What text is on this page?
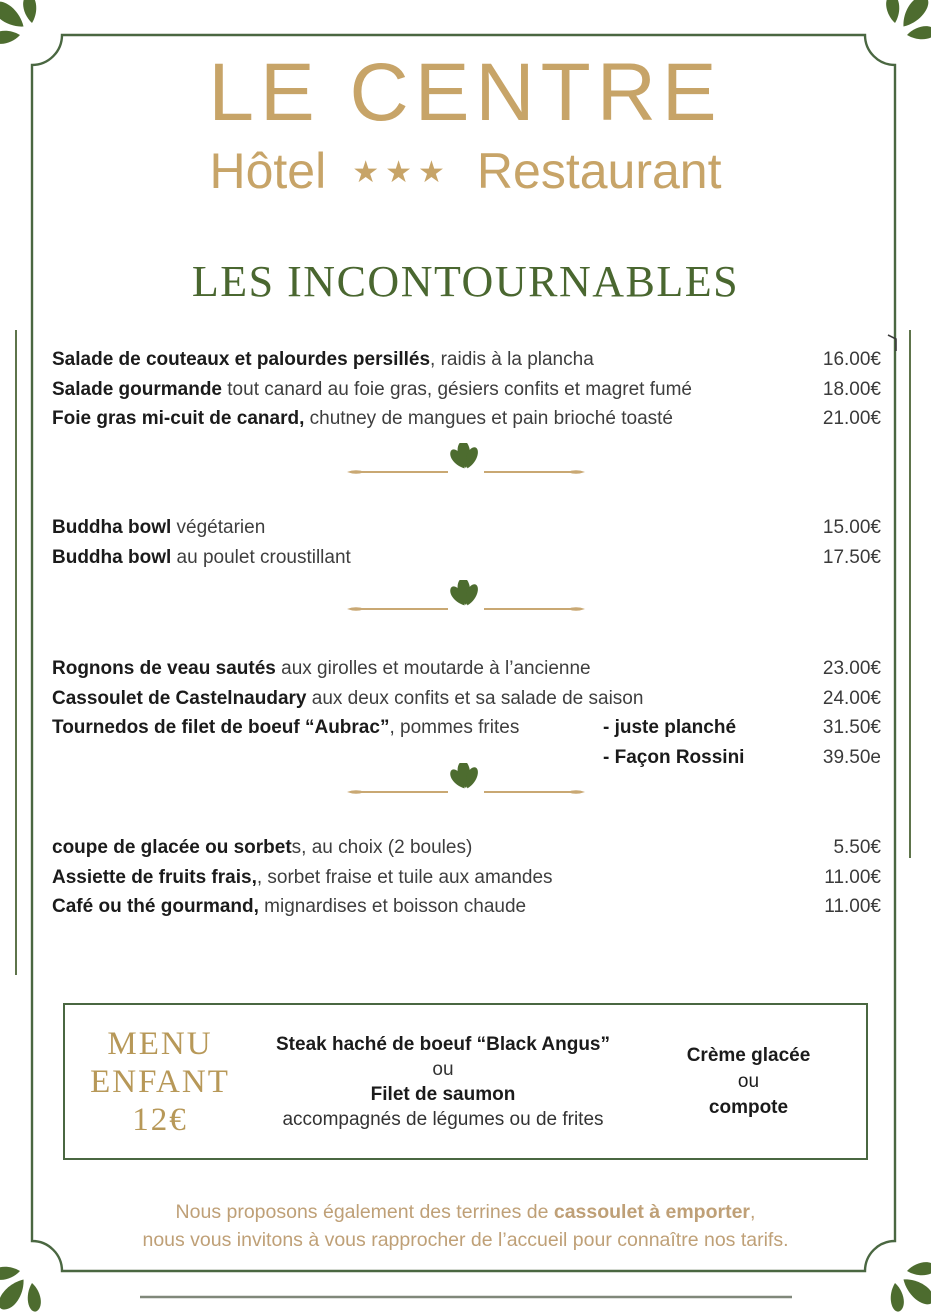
LE CENTRE
Hôtel ★★★ Restaurant
LES INCONTOURNABLES
Salade de couteaux et palourdes persillés, raidis à la plancha	16.00€
Salade gourmande tout canard au foie gras, gésiers confits et magret fumé	18.00€
Foie gras mi-cuit de canard, chutney de mangues et pain brioché toasté	21.00€
Buddha bowl végétarien	15.00€
Buddha bowl au poulet croustillant	17.50€
Rognons de veau sautés aux girolles et moutarde à l’ancienne	23.00€
Cassoulet de Castelnaudary aux deux confits et sa salade de saison	24.00€
Tournedos de filet de boeuf “Aubrac”, pommes frites	- juste planché	31.50€
- Façon Rossini	39.50e
coupe de glacée ou sorbets, au choix (2 boules)	5.50€
Assiette de fruits frais,, sorbet fraise et tuile aux amandes	11.00€
Café ou thé gourmand, mignardises et boisson chaude	11.00€
MENU
ENFANT
12€
Steak haché de boeuf “Black Angus”
ou
Filet de saumon
accompagnés de légumes ou de frites
Crème glacée
ou
compote
Nous proposons également des terrines de cassoulet à emporter,
nous vous invitons à vous rapprocher de l’accueil pour connaître nos tarifs.
